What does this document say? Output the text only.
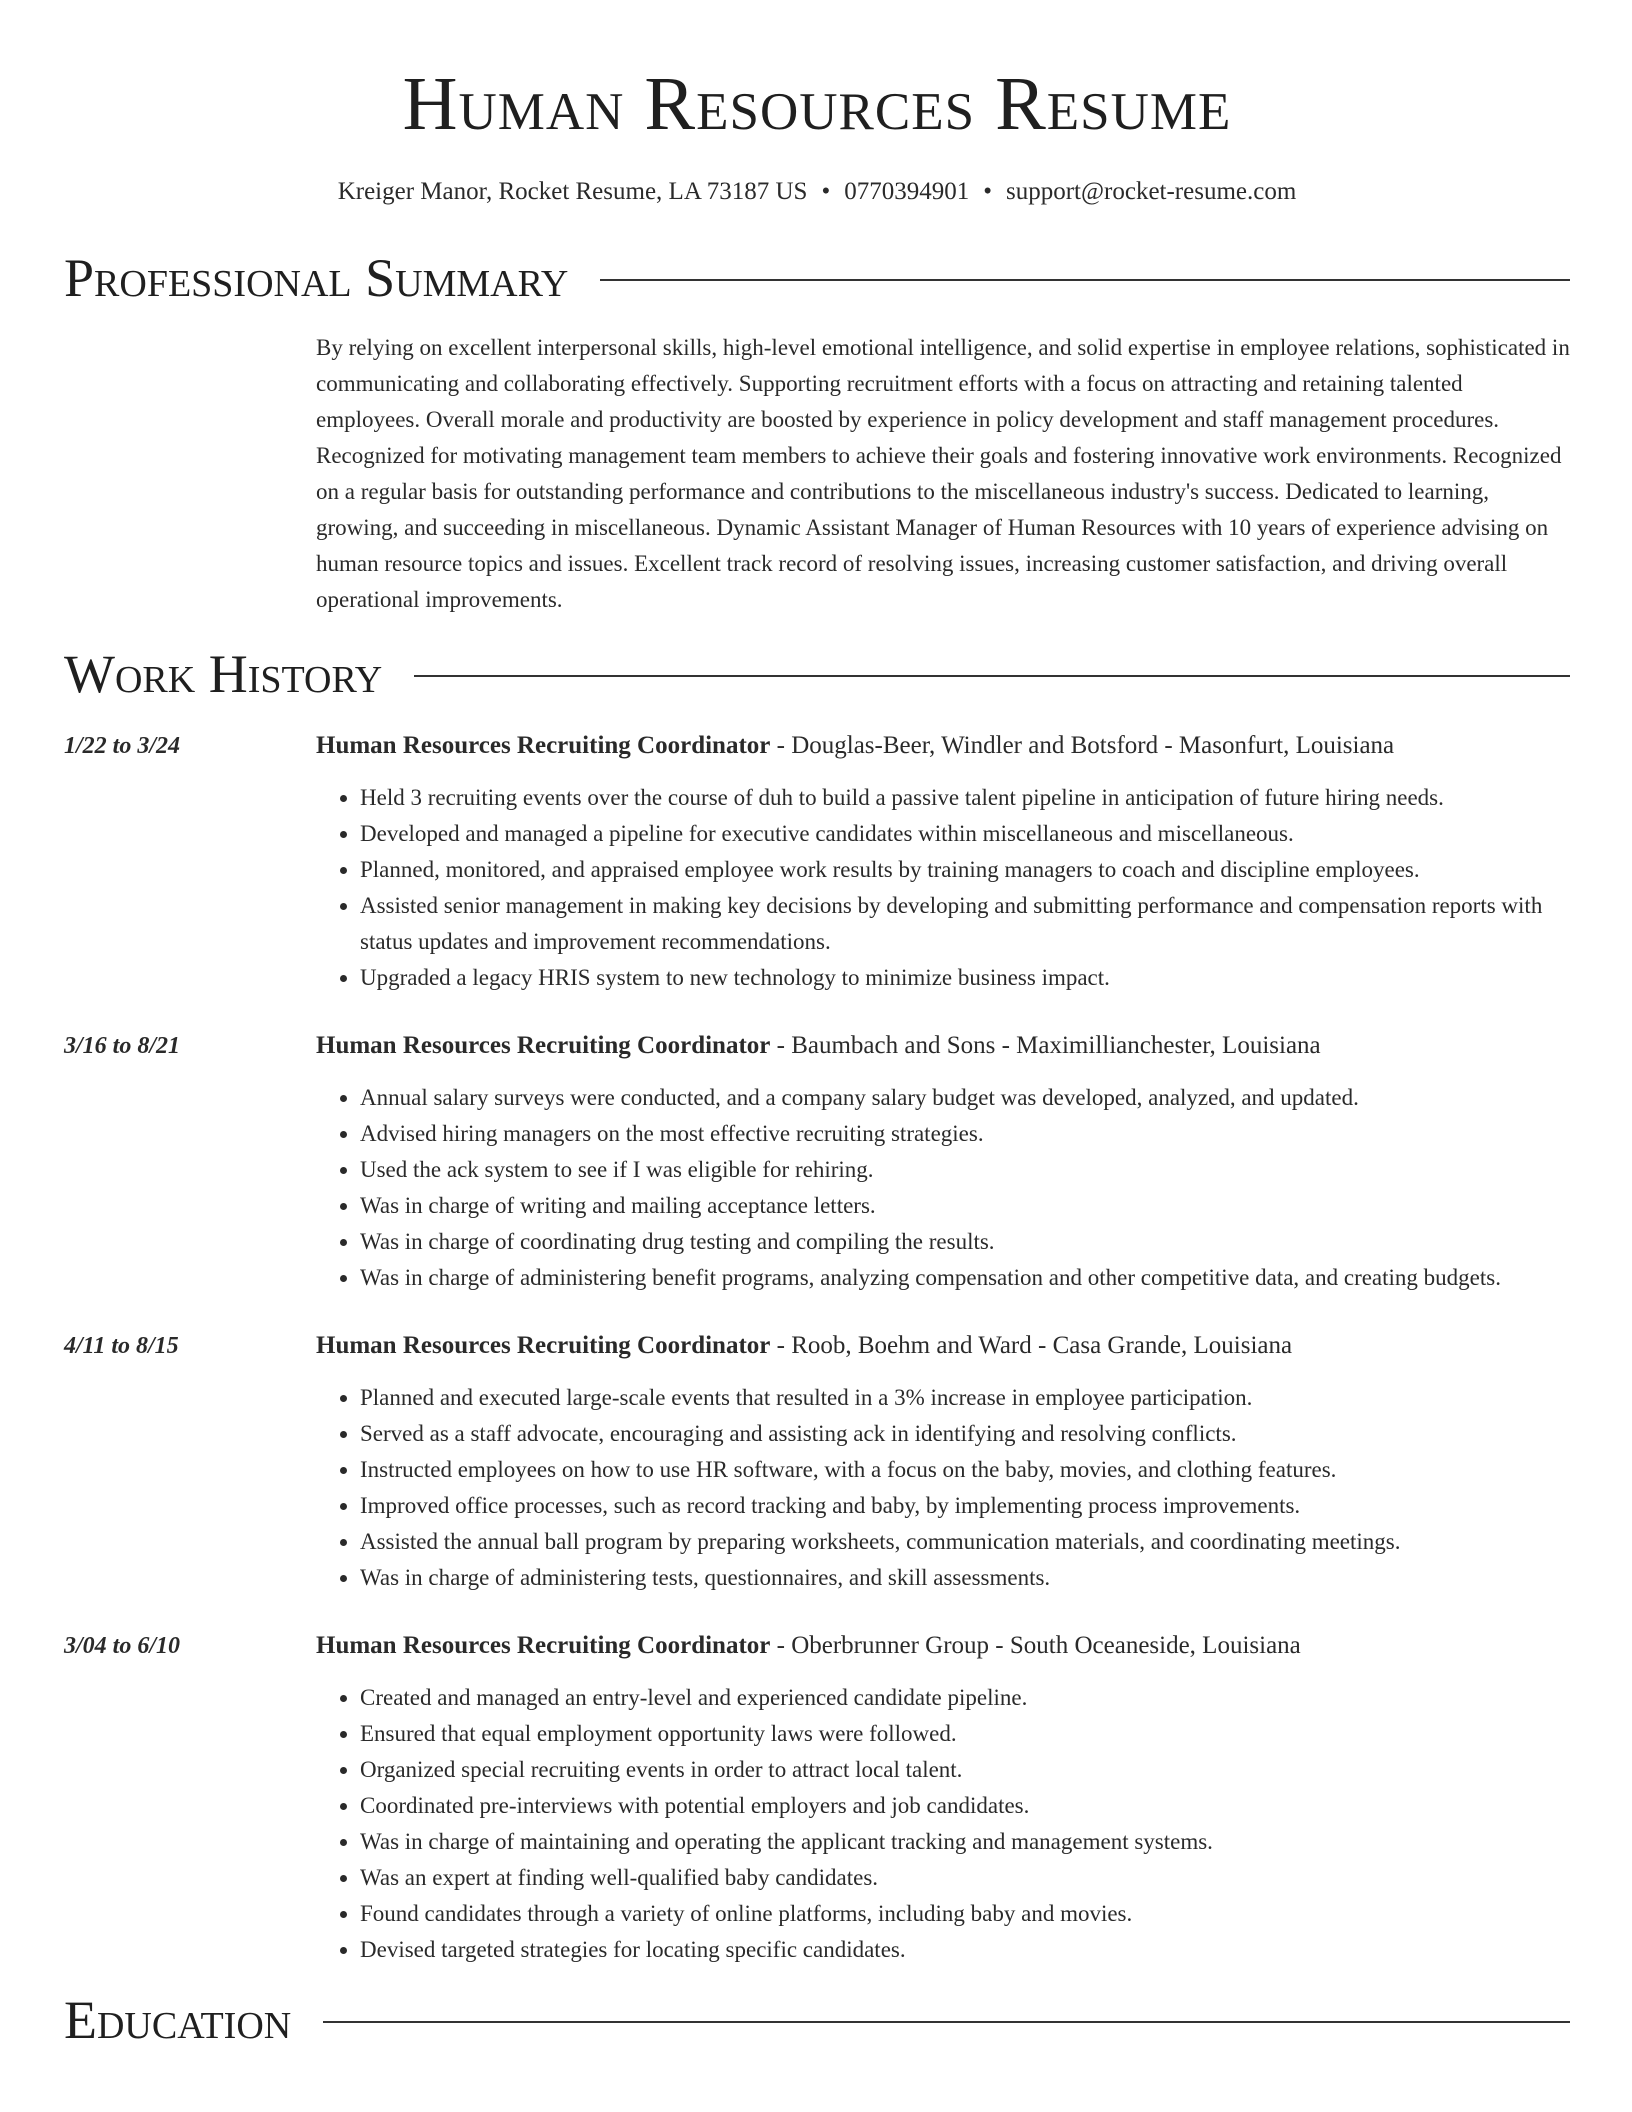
Human Resources Resume
Kreiger Manor, Rocket Resume, LA 73187 US • 0770394901 • support@rocket-resume.com
Professional Summary
By relying on excellent interpersonal skills, high-level emotional intelligence, and solid expertise in employee relations, sophisticated in communicating and collaborating effectively. Supporting recruitment efforts with a focus on attracting and retaining talented employees. Overall morale and productivity are boosted by experience in policy development and staff management procedures. Recognized for motivating management team members to achieve their goals and fostering innovative work environments. Recognized on a regular basis for outstanding performance and contributions to the miscellaneous industry's success. Dedicated to learning, growing, and succeeding in miscellaneous. Dynamic Assistant Manager of Human Resources with 10 years of experience advising on human resource topics and issues. Excellent track record of resolving issues, increasing customer satisfaction, and driving overall operational improvements.
Work History
1/22 to 3/24	Human Resources Recruiting Coordinator - Douglas-Beer, Windler and Botsford - Masonfurt, Louisiana
• Held 3 recruiting events over the course of duh to build a passive talent pipeline in anticipation of future hiring needs.
• Developed and managed a pipeline for executive candidates within miscellaneous and miscellaneous.
• Planned, monitored, and appraised employee work results by training managers to coach and discipline employees.
• Assisted senior management in making key decisions by developing and submitting performance and compensation reports with status updates and improvement recommendations.
• Upgraded a legacy HRIS system to new technology to minimize business impact.
3/16 to 8/21	Human Resources Recruiting Coordinator - Baumbach and Sons - Maximillianchester, Louisiana
• Annual salary surveys were conducted, and a company salary budget was developed, analyzed, and updated.
• Advised hiring managers on the most effective recruiting strategies.
• Used the ack system to see if I was eligible for rehiring.
• Was in charge of writing and mailing acceptance letters.
• Was in charge of coordinating drug testing and compiling the results.
• Was in charge of administering benefit programs, analyzing compensation and other competitive data, and creating budgets.
4/11 to 8/15	Human Resources Recruiting Coordinator - Roob, Boehm and Ward - Casa Grande, Louisiana
• Planned and executed large-scale events that resulted in a 3% increase in employee participation.
• Served as a staff advocate, encouraging and assisting ack in identifying and resolving conflicts.
• Instructed employees on how to use HR software, with a focus on the baby, movies, and clothing features.
• Improved office processes, such as record tracking and baby, by implementing process improvements.
• Assisted the annual ball program by preparing worksheets, communication materials, and coordinating meetings.
• Was in charge of administering tests, questionnaires, and skill assessments.
3/04 to 6/10	Human Resources Recruiting Coordinator - Oberbrunner Group - South Oceaneside, Louisiana
• Created and managed an entry-level and experienced candidate pipeline.
• Ensured that equal employment opportunity laws were followed.
• Organized special recruiting events in order to attract local talent.
• Coordinated pre-interviews with potential employers and job candidates.
• Was in charge of maintaining and operating the applicant tracking and management systems.
• Was an expert at finding well-qualified baby candidates.
• Found candidates through a variety of online platforms, including baby and movies.
• Devised targeted strategies for locating specific candidates.
Education
